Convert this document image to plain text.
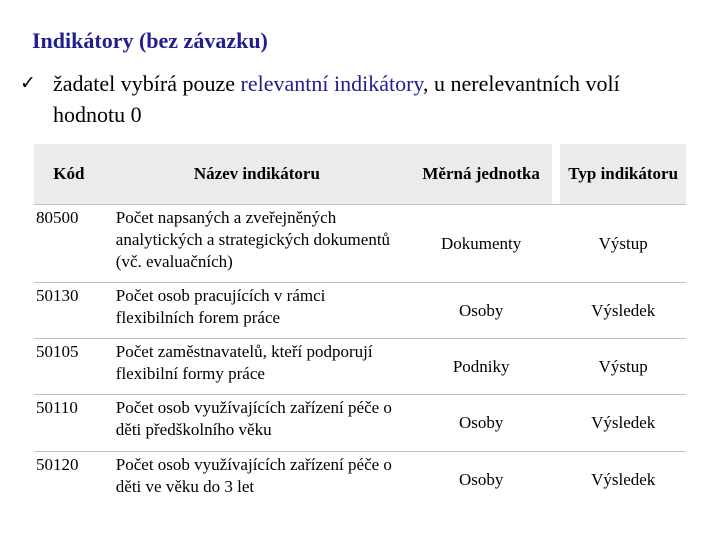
Indikátory (bez závazku)
✓ žadatel vybírá pouze relevantní indikátory, u nerelevantních volí hodnotu 0
Kód	Název indikátoru	Měrná jednotka		Typ indikátoru
80500	Počet napsaných a zveřejněných analytických a strategických dokumentů (vč. evaluačních)	Dokumenty		Výstup
50130	Počet osob pracujících v rámci flexibilních forem práce	Osoby		Výsledek
50105	Počet zaměstnavatelů, kteří podporují flexibilní formy práce	Podniky		Výstup
50110	Počet osob využívajících zařízení péče o děti předškolního věku	Osoby		Výsledek
50120	Počet osob využívajících zařízení péče o děti ve věku do 3 let	Osoby		Výsledek
